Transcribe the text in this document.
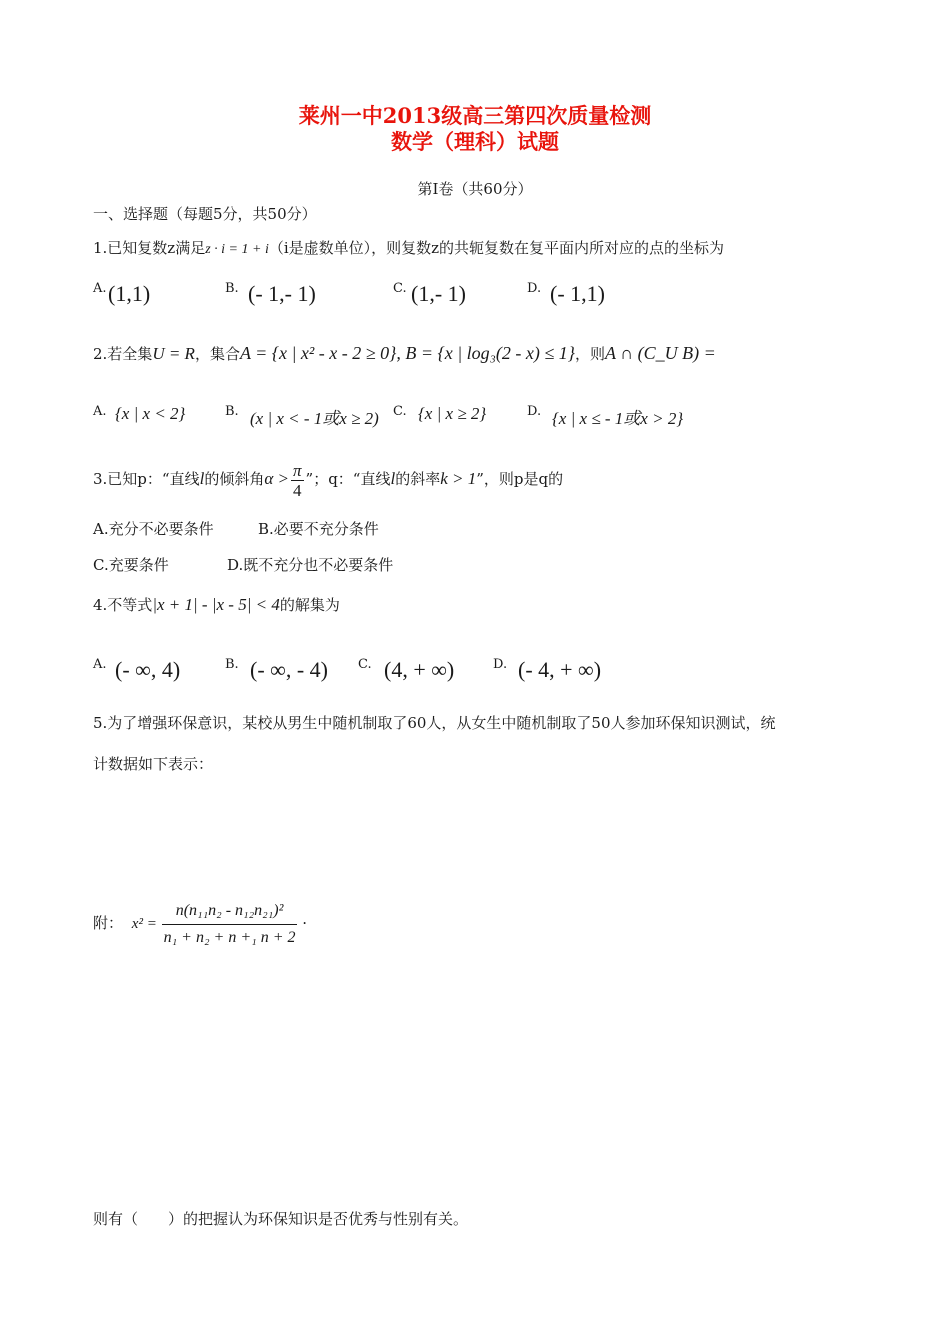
莱州一中2013级高三第四次质量检测
数学（理科）试题
第Ⅰ卷（共60分）
一、选择题（每题5分，共50分）
1.已知复数z满足z · i = 1 + i（i是虚数单位），则复数z的共轭复数在复平面内所对应的点的坐标为
A. (1,1)	B. (- 1,- 1)	C. (1,- 1)	D. (- 1,1)
2.若全集U = R，集合A = {x | x² - x - 2 ≥ 0}, B = {x | log₃(2 - x) ≤ 1}，则A ∩ (C_U B) =
A. {x | x < 2}	B. (x | x < - 1或x ≥ 2) C. {x | x ≥ 2}	D. {x | x ≤ - 1或x > 2}
3.已知p：“直线l的倾斜角$\alpha > \frac{\pi}{4}$ ”；q：“直线l的斜率k > 1”，则p是q的
A.充分不必要条件	B.必要不充分条件
C.充要条件	D.既不充分也不必要条件
4.不等式|x + 1| - |x - 5| < 4的解集为
A. (- ∞, 4)	B. (- ∞, - 4) C. (4, + ∞)	D. (- 4, + ∞)
5.为了增强环保意识，某校从男生中随机制取了60人，从女生中随机制取了50人参加环保知识测试，统
计数据如下表示：
附： $x^2 = \frac{\text{n(n₁₁n₂ - n₁₂n₂₁)²}}{\text{n₁ + n₂ + n +₁ n + 2}}$ ·
则有（　　）的把握认为环保知识是否优秀与性别有关。
